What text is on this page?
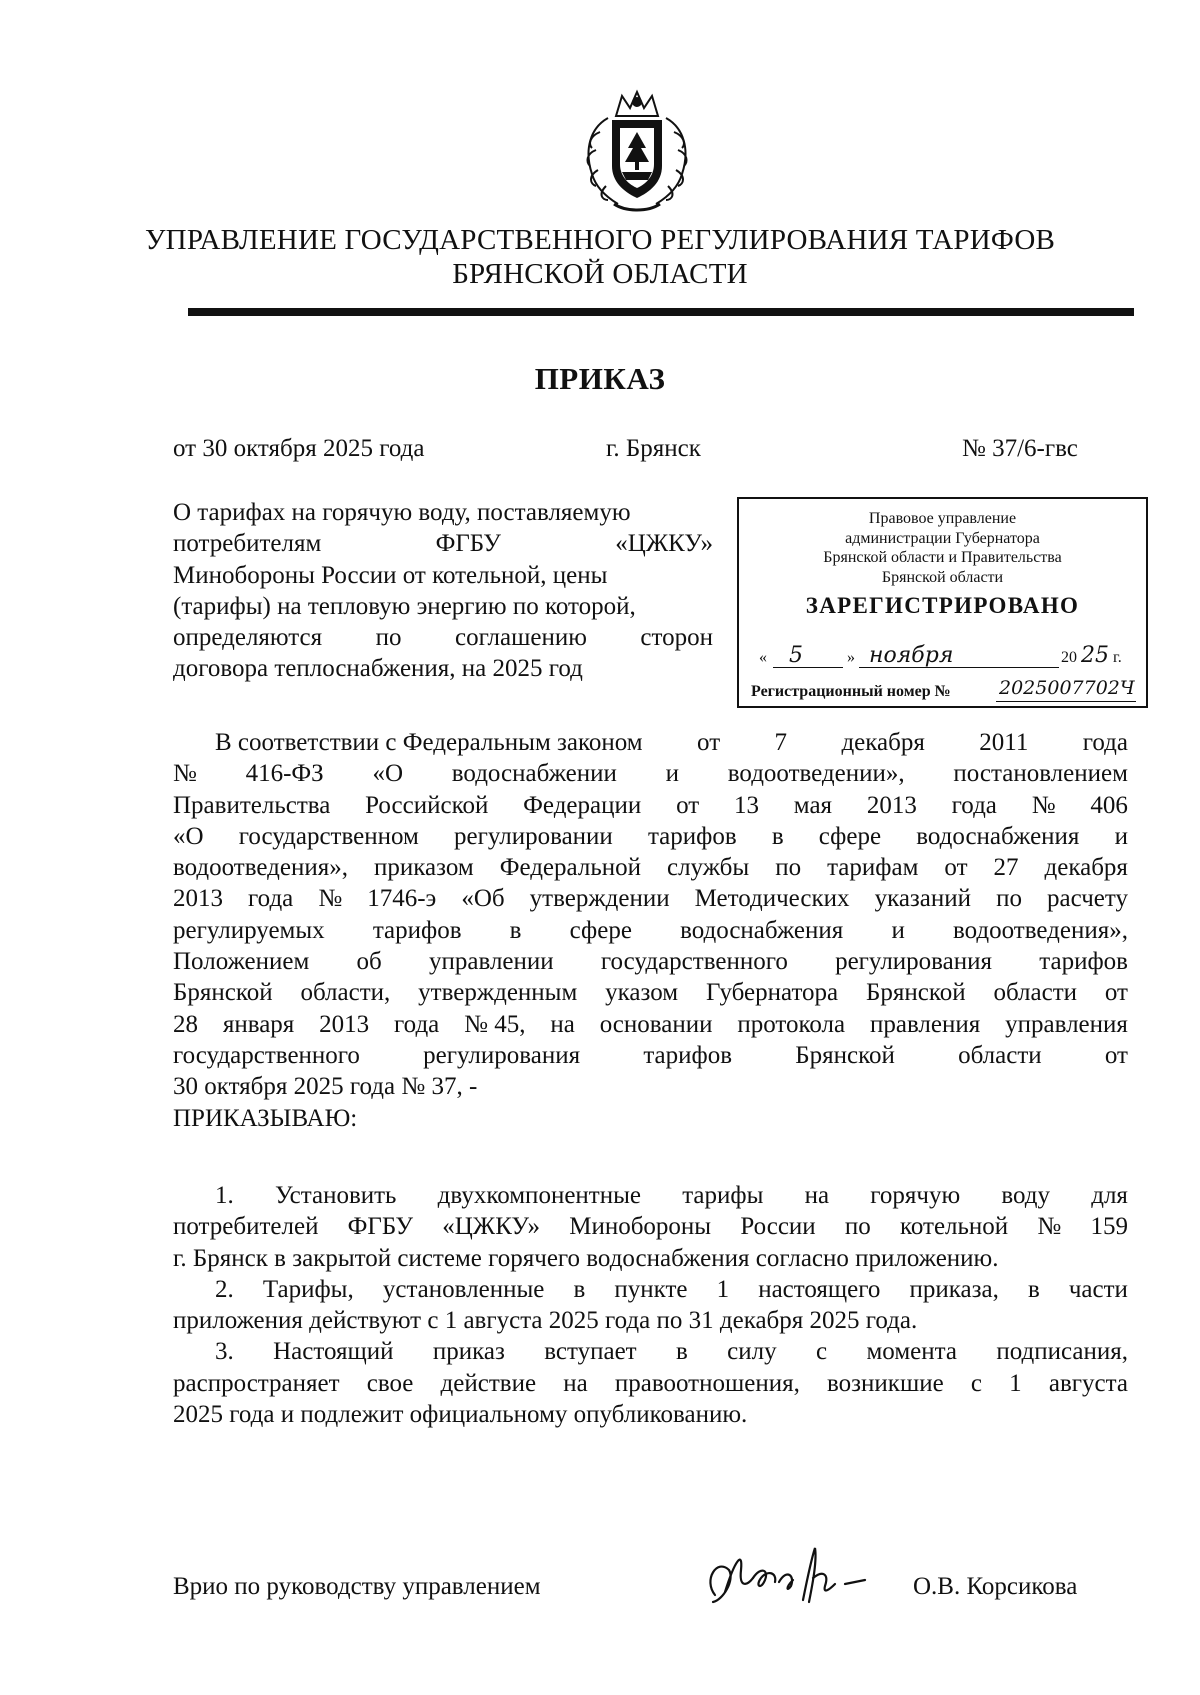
УПРАВЛЕНИЕ ГОСУДАРСТВЕННОГО РЕГУЛИРОВАНИЯ ТАРИФОВ
БРЯНСКОЙ ОБЛАСТИ
ПРИКАЗ
от 30 октября 2025 года	г. Брянск	№ 37/6-гвс
О тарифах на горячую воду, поставляемую
потребителям	ФГБУ	«ЦЖКУ»
Минобороны России от котельной, цены
(тарифы) на тепловую энергию по которой,
определяются по соглашению сторон
договора теплоснабжения, на 2025 год
Правовое управление
администрации Губернатора
Брянской области и Правительства
Брянской области
ЗАРЕГИСТРИРОВАНО
« 5	» ноября	20 25 г.
Регистрационный номер №	2025007702Ч
В соответствии с Федеральным законом от 7 декабря 2011 года
№ 416-ФЗ «О водоснабжении и водоотведении», постановлением
Правительства Российской Федерации от 13 мая 2013 года № 406
«О государственном регулировании тарифов в сфере водоснабжения и
водоотведения», приказом Федеральной службы по тарифам от 27 декабря
2013 года № 1746-э «Об утверждении Методических указаний по расчету
регулируемых тарифов в сфере водоснабжения и водоотведения»,
Положением об управлении государственного регулирования тарифов
Брянской области, утвержденным указом Губернатора Брянской области от
28 января 2013 года № 45, на основании протокола правления управления
государственного	регулирования	тарифов	Брянской	области	от
30 октября 2025 года № 37, -
ПРИКАЗЫВАЮ:
1. Установить двухкомпонентные тарифы на горячую воду для
потребителей ФГБУ «ЦЖКУ» Минобороны России по котельной № 159
г. Брянск в закрытой системе горячего водоснабжения согласно приложению.
2. Тарифы, установленные в пункте 1 настоящего приказа, в части
приложения действуют с 1 августа 2025 года по 31 декабря 2025 года.
3. Настоящий приказ вступает в силу с момента подписания,
распространяет свое действие на правоотношения, возникшие с 1 августа
2025 года и подлежит официальному опубликованию.
Врио по руководству управлением	О.В. Корсикова
